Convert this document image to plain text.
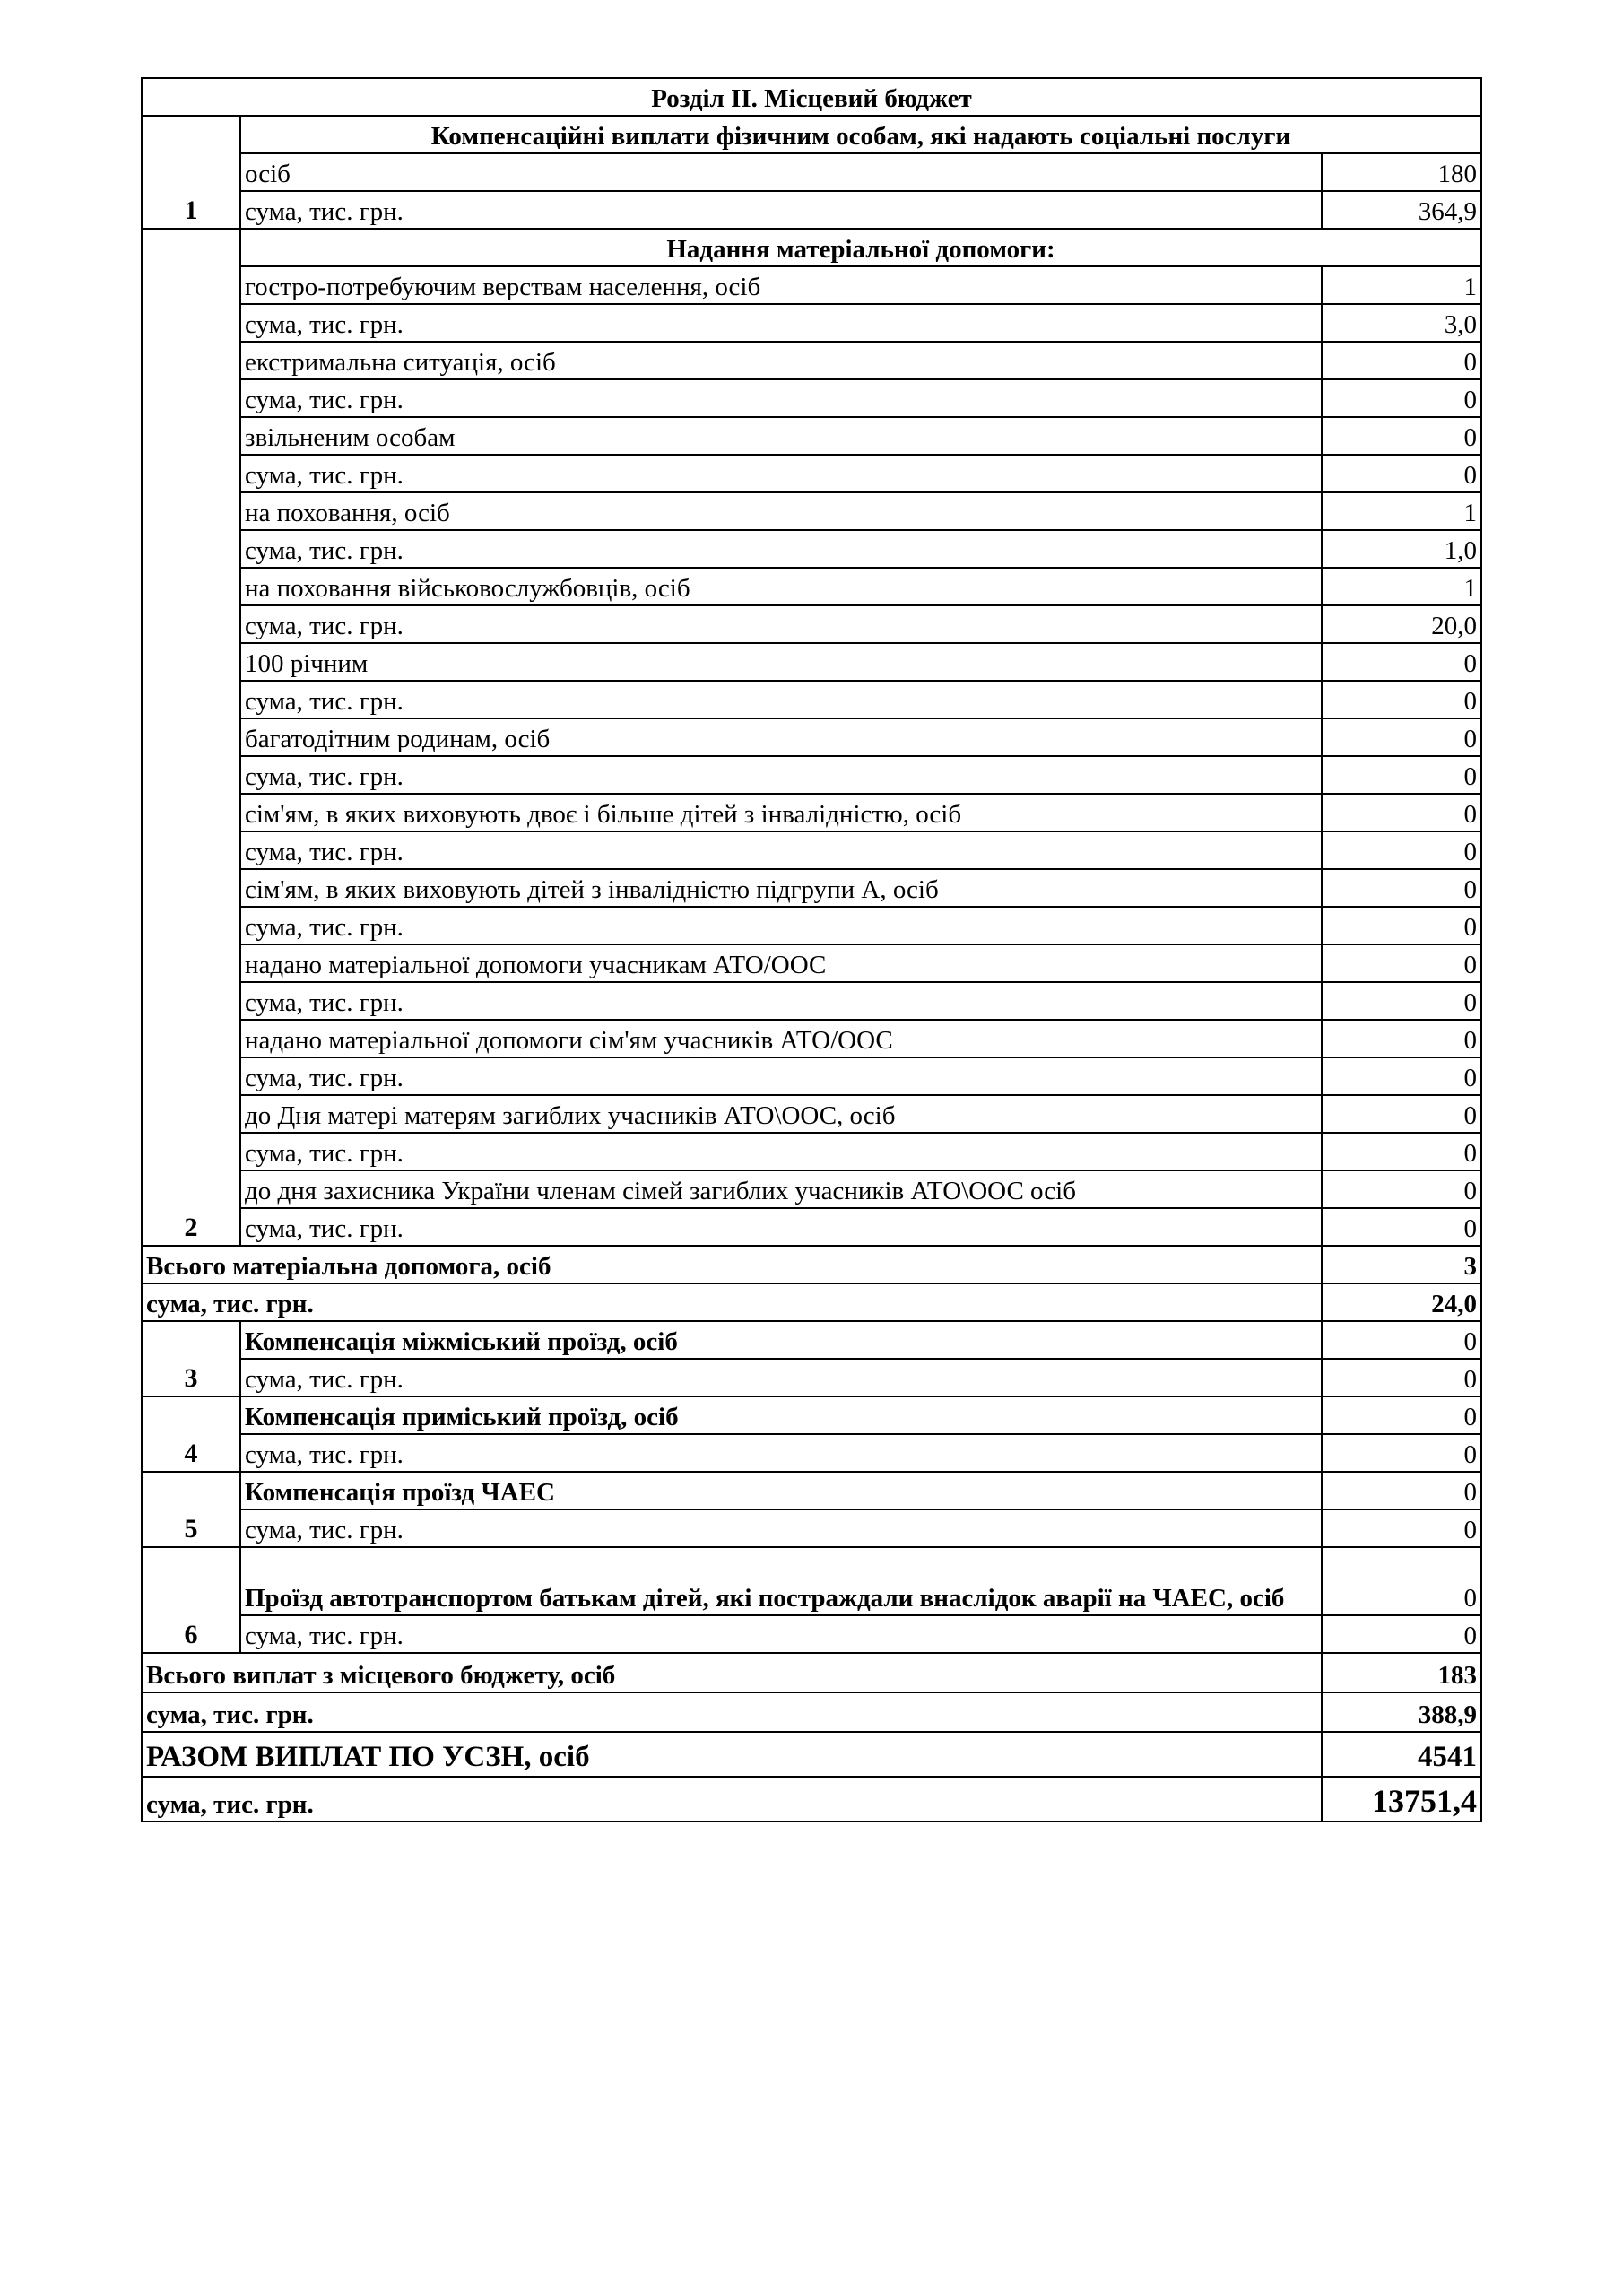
Розділ II. Місцевий бюджет		
1	Компенсаційні виплати фізичним особам, які надають соціальні послуги	
	осіб	180
	сума, тис. грн.	364,9
2	Надання матеріальної допомоги:	
	гостро-потребуючим верствам населення, осіб	1
	сума, тис. грн.	3,0
	екстримальна ситуація, осіб	0
	сума, тис. грн.	0
	звільненим особам	0
	сума, тис. грн.	0
	на поховання, осіб	1
	сума, тис. грн.	1,0
	на поховання військовослужбовців, осіб	1
	сума, тис. грн.	20,0
	100 річним	0
	сума, тис. грн.	0
	багатодітним родинам, осіб	0
	сума, тис. грн.	0
	сім'ям, в яких виховують двоє і більше дітей з інвалідністю, осіб	0
	сума, тис. грн.	0
	сім'ям, в яких виховують дітей з інвалідністю підгрупи А, осіб	0
	сума, тис. грн.	0
	надано матеріальної допомоги учасникам АТО/ООС	0
	сума, тис. грн.	0
	надано матеріальної допомоги сім'ям учасників АТО/ООС	0
	сума, тис. грн.	0
	до Дня матері матерям загиблих учасників АТО\ООС, осіб	0
	сума, тис. грн.	0
	до дня захисника України членам сімей загиблих учасників АТО\ООС осіб	0
	сума, тис. грн.	0
Всього матеріальна допомога, осіб		3
сума, тис. грн.		24,0
3	Компенсація міжміський проїзд, осіб	0
	сума, тис. грн.	0
4	Компенсація приміський проїзд, осіб	0
	сума, тис. грн.	0
5	Компенсація проїзд ЧАЕС	0
	сума, тис. грн.	0
6	Проїзд автотранспортом батькам дітей, які постраждали внаслідок аварії на ЧАЕС, осіб	0
	сума, тис. грн.	0
Всього виплат з місцевого бюджету, осіб		183
сума, тис. грн.		388,9
РАЗОМ ВИПЛАТ ПО УСЗН, осіб		4541
сума, тис. грн.		13751,4
